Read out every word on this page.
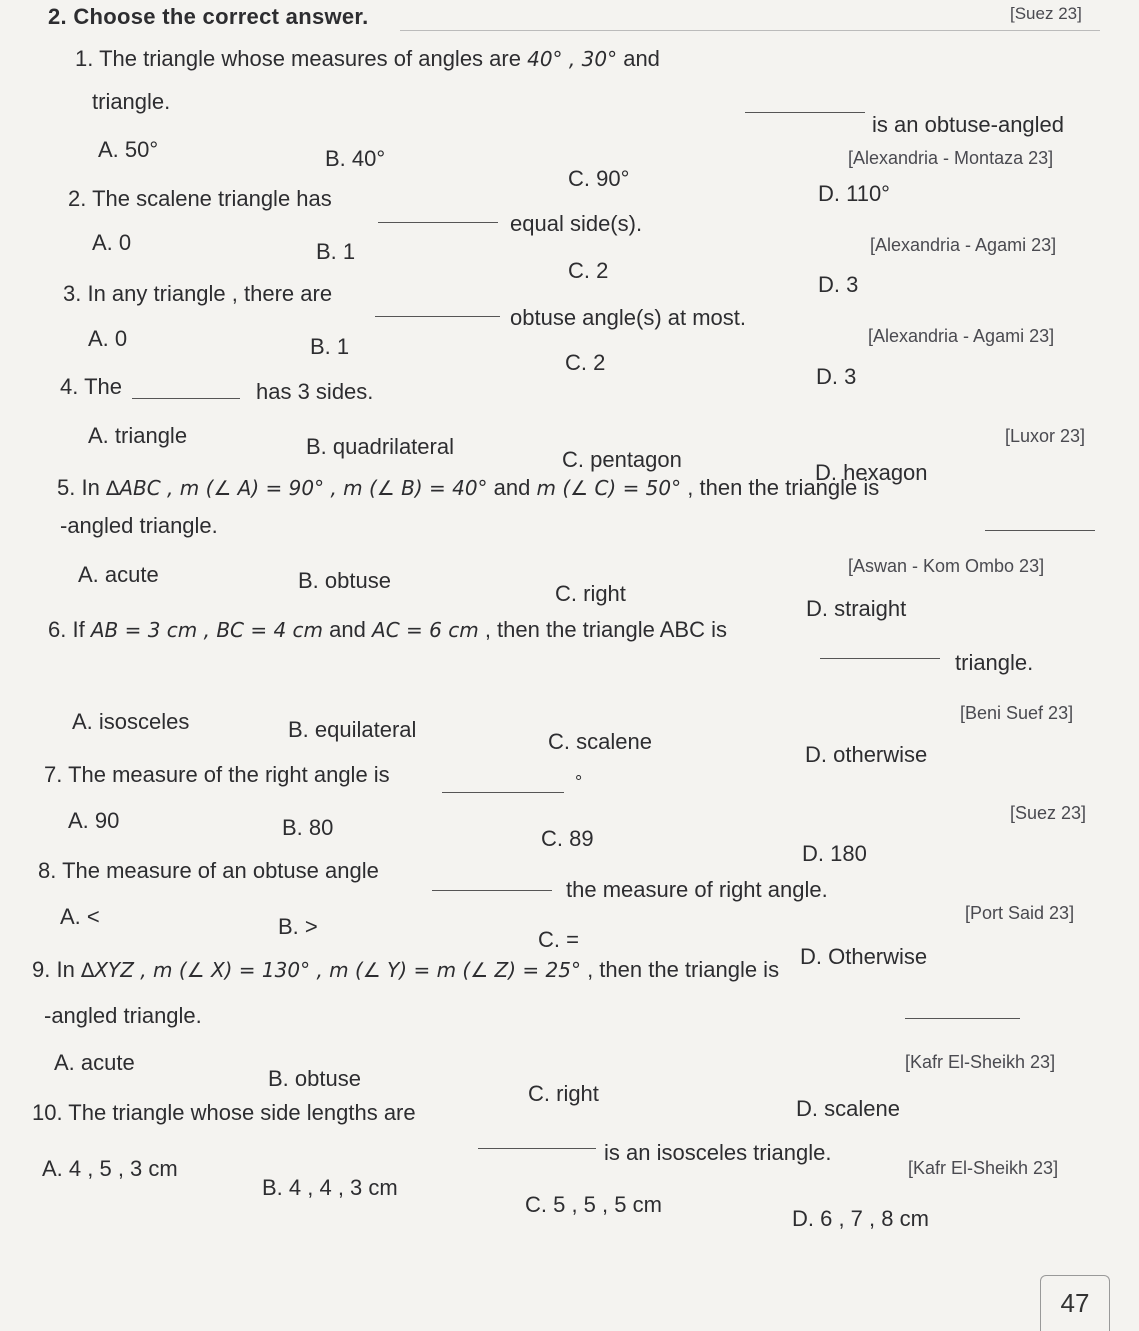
2. Choose the correct answer.	[Suez 23]
1. The triangle whose measures of angles are 40° , 30° and
is an obtuse-angled
triangle.
[Alexandria - Montaza 23]
A. 50°	B. 40°
C. 90°
D. 110°
2. The scalene triangle has
equal side(s).
[Alexandria - Agami 23]
A. 0	B. 1
C. 2
D. 3
3. In any triangle , there are
obtuse angle(s) at most.
[Alexandria - Agami 23]
A. 0	B. 1
C. 2
D. 3
4. The	has 3 sides.
[Luxor 23]
A. triangle	B. quadrilateral
C. pentagon
D. hexagon
5. In ∆ABC , m (∠ A) = 90° , m (∠ B) = 40° and m (∠ C) = 50° , then the triangle is
-angled triangle.
[Aswan - Kom Ombo 23]
A. acute	B. obtuse
C. right
D. straight
6. If AB = 3 cm , BC = 4 cm and AC = 6 cm , then the triangle ABC is
triangle.
[Beni Suef 23]
A. isosceles	B. equilateral	C. scalene
D. otherwise
7. The measure of the right angle is	°
[Suez 23]
A. 90	B. 80	C. 89
D. 180
8. The measure of an obtuse angle
the measure of right angle.
[Port Said 23]
A. <	B. >
C. =
D. Otherwise
9. In ∆XYZ , m (∠ X) = 130° , m (∠ Y) = m (∠ Z) = 25° , then the triangle is
-angled triangle.
[Kafr El-Sheikh 23]
A. acute
B. obtuse
C. right
D. scalene
10. The triangle whose side lengths are
is an isosceles triangle.
[Kafr El-Sheikh 23]
A. 4 , 5 , 3 cm
B. 4 , 4 , 3 cm
C. 5 , 5 , 5 cm
D. 6 , 7 , 8 cm
47
